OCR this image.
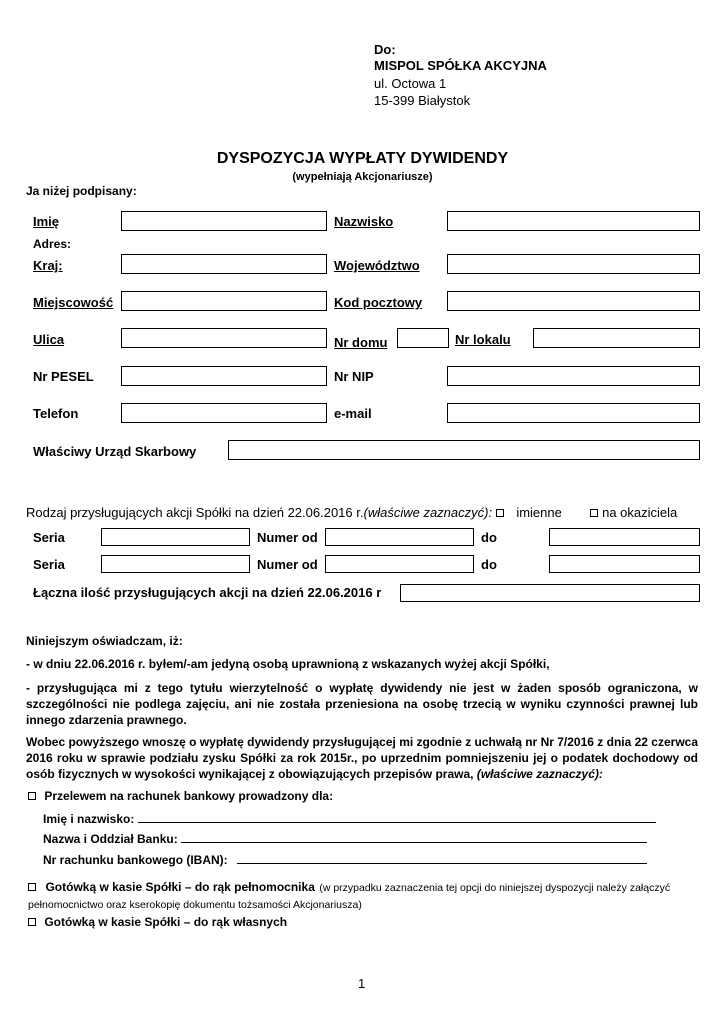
Do:
MISPOL SPÓŁKA AKCYJNA
ul. Octowa 1
15-399 Białystok
DYSPOZYCJA WYPŁATY DYWIDENDY
(wypełniają Akcjonariusze)
Ja niżej podpisany:
Imię	Nazwisko
Adres:
Kraj:	Województwo
Miejscowość	Kod pocztowy
Ulica	Nr domu	Nr lokalu
Nr PESEL	Nr NIP
Telefon	e-mail
Właściwy Urząd Skarbowy
Rodzaj przysługujących akcji Spółki na dzień 22.06.2016 r.(właściwe zaznaczyć): imienne	na okaziciela
Seria	Numer od	do
Seria	Numer od	do
Łączna ilość przysługujących akcji na dzień 22.06.2016 r
Niniejszym oświadczam, iż:
- w dniu 22.06.2016 r. byłem/-am jedyną osobą uprawnioną z wskazanych wyżej akcji Spółki,
- przysługująca mi z tego tytułu wierzytelność o wypłatę dywidendy nie jest w żaden sposób ograniczona, w szczególności nie podlega zajęciu, ani nie została przeniesiona na osobę trzecią w wyniku czynności prawnej lub innego zdarzenia prawnego.
Wobec powyższego wnoszę o wypłatę dywidendy przysługującej mi zgodnie z uchwałą nr Nr 7/2016 z dnia 22 czerwca 2016 roku w sprawie podziału zysku Spółki za rok 2015r., po uprzednim pomniejszeniu jej o podatek dochodowy od osób fizycznych w wysokości wynikającej z obowiązujących przepisów prawa, (właściwe zaznaczyć):
Przelewem na rachunek bankowy prowadzony dla:
Imię i nazwisko:
Nazwa i Oddział Banku:
Nr rachunku bankowego (IBAN):
Gotówką w kasie Spółki – do rąk pełnomocnika (w przypadku zaznaczenia tej opcji do niniejszej dyspozycji należy załączyć pełnomocnictwo oraz kserokopię dokumentu tożsamości Akcjonariusza)
Gotówką w kasie Spółki – do rąk własnych
1
